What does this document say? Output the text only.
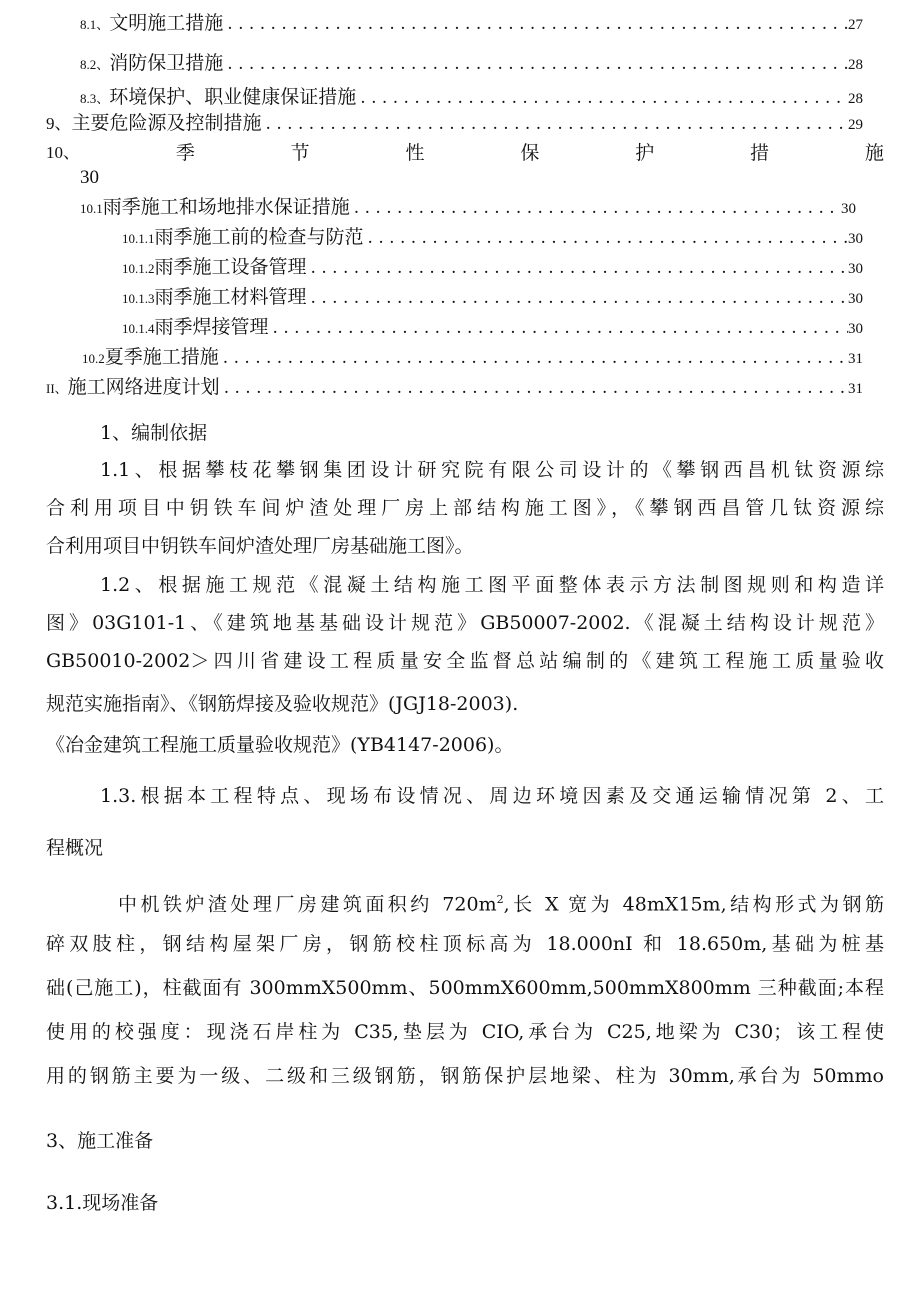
8.1、 文明施工措施 . . .	27
8.2、 消防保卫措施 . . .	28
8.3、 环境保护、职业健康保证措施 . . .	28
9、 主要危险源及控制措施 . . .	29
10、	季	节	性	保	护	措	施
30
10.1 雨季施工和场地排水保证措施 . . .	30
10.1.1 雨季施工前的检查与防范 . . .	30
10.1.2 雨季施工设备管理 . . .	30
10.1.3 雨季施工材料管理 . . .	30
10.1.4 雨季焊接管理 . . .	30
10.2 夏季施工措施 . . .	31
II、 施工网络进度计划 . . .	31
1、编制依据
1.1、根据攀枝花攀钢集团设计研究院有限公司设计的《攀钢西昌机钛资源综
合利用项目中钥铁车间炉渣处理厂房上部结构施工图》，《攀钢西昌管几钛资源综
合利用项目中钥铁车间炉渣处理厂房基础施工图》。
1.2、根据施工规范《混凝土结构施工图平面整体表示方法制图规则和构造详
图》03G101-1、《建筑地基基础设计规范》GB50007-2002.《混凝土结构设计规范》
GB50010-2002＞四川省建设工程质量安全监督总站编制的《建筑工程施工质量验收
规范实施指南》、《钢筋焊接及验收规范》(JGJ18-2003).
《冶金建筑工程施工质量验收规范》(YB4147-2006)。
1.3.根据本工程特点、现场布设情况、周边环境因素及交通运输情况第 2、工
程概况
中机铁炉渣处理厂房建筑面积约 $720m^2$,长 X 宽为 48mX15m,结构形式为钢筋
碎双肢柱，钢结构屋架厂房，钢筋校柱顶标高为 18.000nI 和 18.650m,基础为桩基
础(己施工)，柱截面有 300mmX500mm、500mmX600mm,500mmX800mm 三种截面;本程
使用的校强度：现浇石岸柱为 C35,垫层为 CIO,承台为 C25,地梁为 C30；该工程使
用的钢筋主要为一级、二级和三级钢筋，钢筋保护层地梁、柱为 30mm,承台为 50mmo
3、施工准备
3.1.现场准备
